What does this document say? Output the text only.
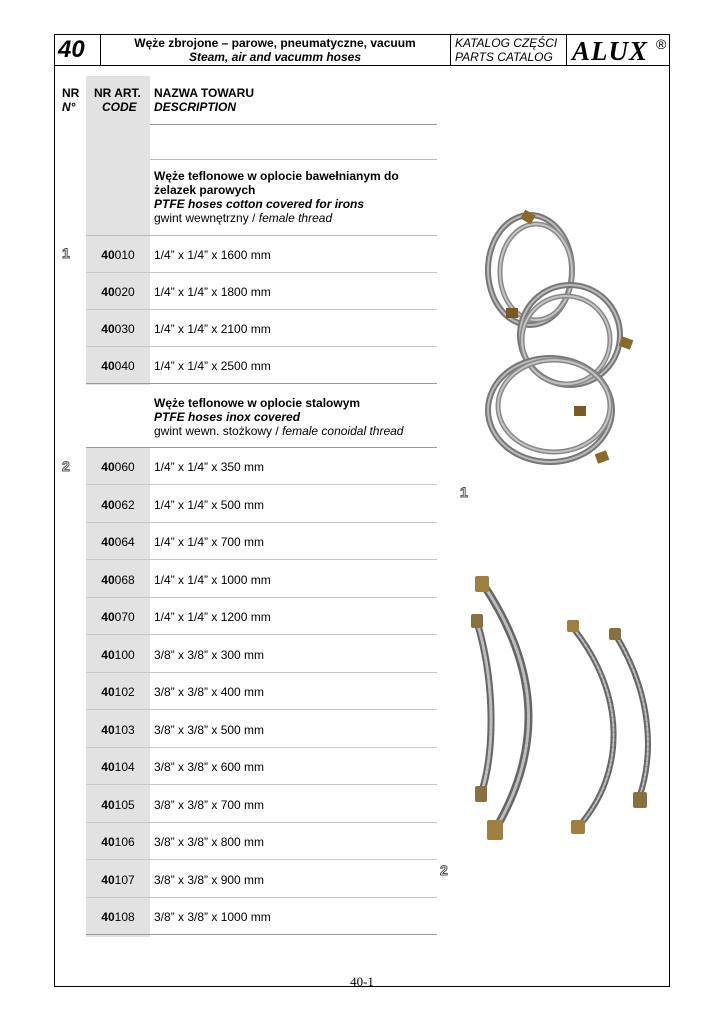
40	Węże zbrojone – parowe, pneumatyczne, vacuum
Steam, air and vacumm hoses
KATALOG CZĘŚCI
PARTS CATALOG ALUX ®
NR
N°
NR ART.
CODE
NAZWA TOWARU
DESCRIPTION
Węże teflonowe w oplocie bawełnianym do
żelazek parowych
PTFE hoses cotton covered for irons
gwint wewnętrzny / female thread
1	40010	1/4” x 1/4” x 1600 mm
40020	1/4” x 1/4” x 1800 mm
40030	1/4” x 1/4” x 2100 mm
40040	1/4” x 1/4” x 2500 mm
Węże teflonowe w oplocie stalowym
PTFE hoses inox covered
gwint wewn. stożkowy / female conoidal thread
2	40060	1/4” x 1/4” x 350 mm
40062	1/4” x 1/4” x 500 mm
40064	1/4” x 1/4” x 700 mm
40068	1/4” x 1/4” x 1000 mm
40070	1/4” x 1/4” x 1200 mm
40100	3/8” x 3/8” x 300 mm
40102	3/8” x 3/8” x 400 mm
40103	3/8” x 3/8” x 500 mm
40104	3/8” x 3/8” x 600 mm
40105	3/8” x 3/8” x 700 mm
40106	3/8” x 3/8” x 800 mm
40107	3/8” x 3/8” x 900 mm
40108	3/8” x 3/8” x 1000 mm
1
2
40-1
